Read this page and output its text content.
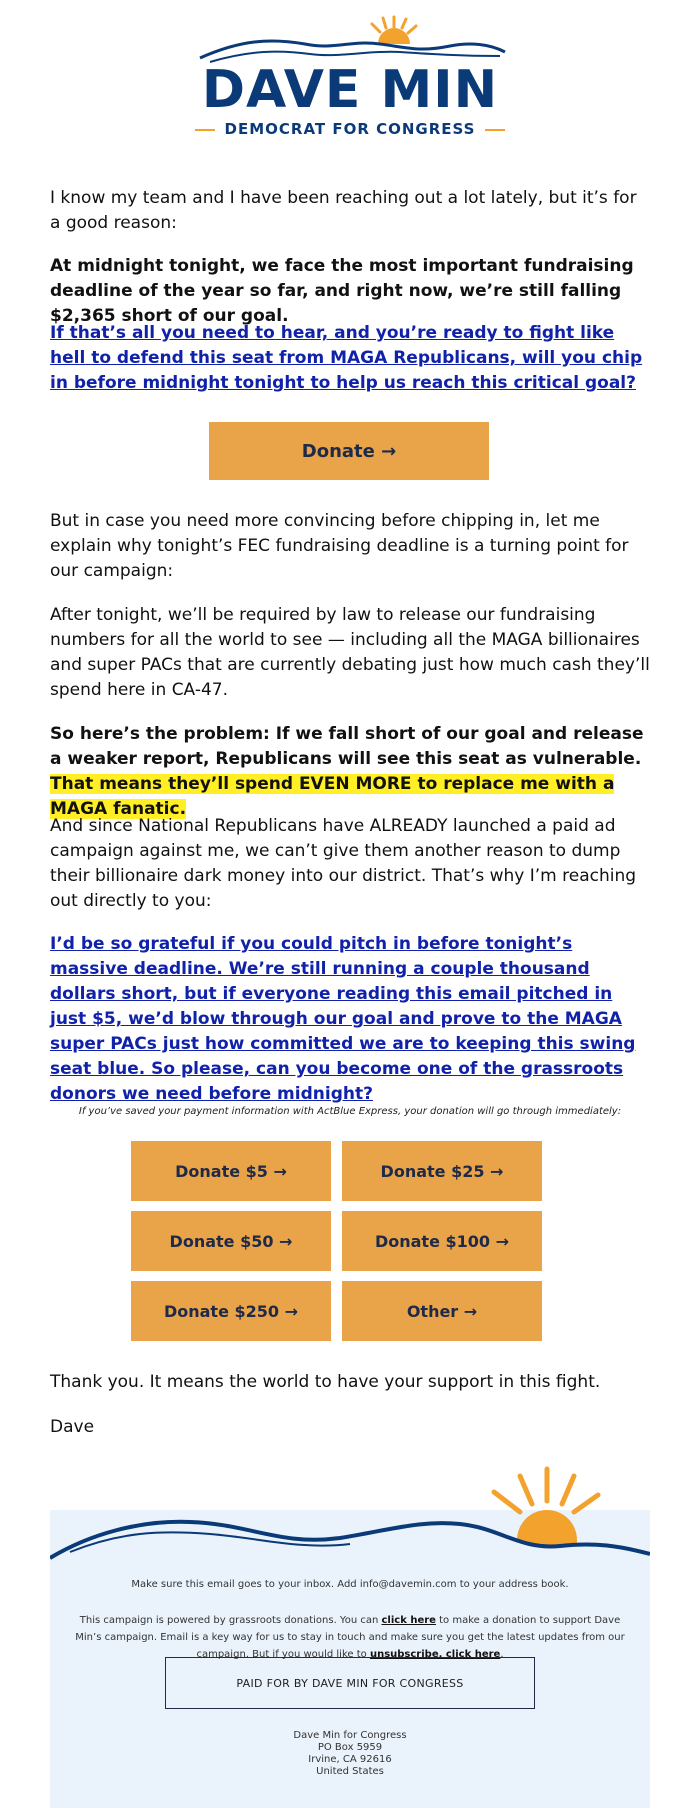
DAVE MIN
DEMOCRAT FOR CONGRESS

I know my team and I have been reaching out a lot lately, but it’s for a good reason:

At midnight tonight, we face the most important fundraising deadline of the year so far, and right now, we’re still falling $2,365 short of our goal.

If that’s all you need to hear, and you’re ready to fight like hell to defend this seat from MAGA Republicans, will you chip in before midnight tonight to help us reach this critical goal?

Donate →

But in case you need more convincing before chipping in, let me explain why tonight’s FEC fundraising deadline is a turning point for our campaign:

After tonight, we’ll be required by law to release our fundraising numbers for all the world to see — including all the MAGA billionaires and super PACs that are currently debating just how much cash they’ll spend here in CA-47.

So here’s the problem: If we fall short of our goal and release a weaker report, Republicans will see this seat as vulnerable. That means they’ll spend EVEN MORE to replace me with a MAGA fanatic.

And since National Republicans have ALREADY launched a paid ad campaign against me, we can’t give them another reason to dump their billionaire dark money into our district. That’s why I’m reaching out directly to you:

I’d be so grateful if you could pitch in before tonight’s massive deadline. We’re still running a couple thousand dollars short, but if everyone reading this email pitched in just $5, we’d blow through our goal and prove to the MAGA super PACs just how committed we are to keeping this swing seat blue. So please, can you become one of the grassroots donors we need before midnight?

If you’ve saved your payment information with ActBlue Express, your donation will go through immediately:
Donate $5 →	Donate $25 →
Donate $50 →	Donate $100 →
Donate $250 →	Other →

Thank you. It means the world to have your support in this fight.

Dave

Make sure this email goes to your inbox. Add info@davemin.com to your address book.
This campaign is powered by grassroots donations. You can click here to make a donation to support Dave Min’s campaign. Email is a key way for us to stay in touch and make sure you get the latest updates from our campaign. But if you would like to unsubscribe, click here.
PAID FOR BY DAVE MIN FOR CONGRESS
Dave Min for Congress
PO Box 5959
Irvine, CA 92616
United States
